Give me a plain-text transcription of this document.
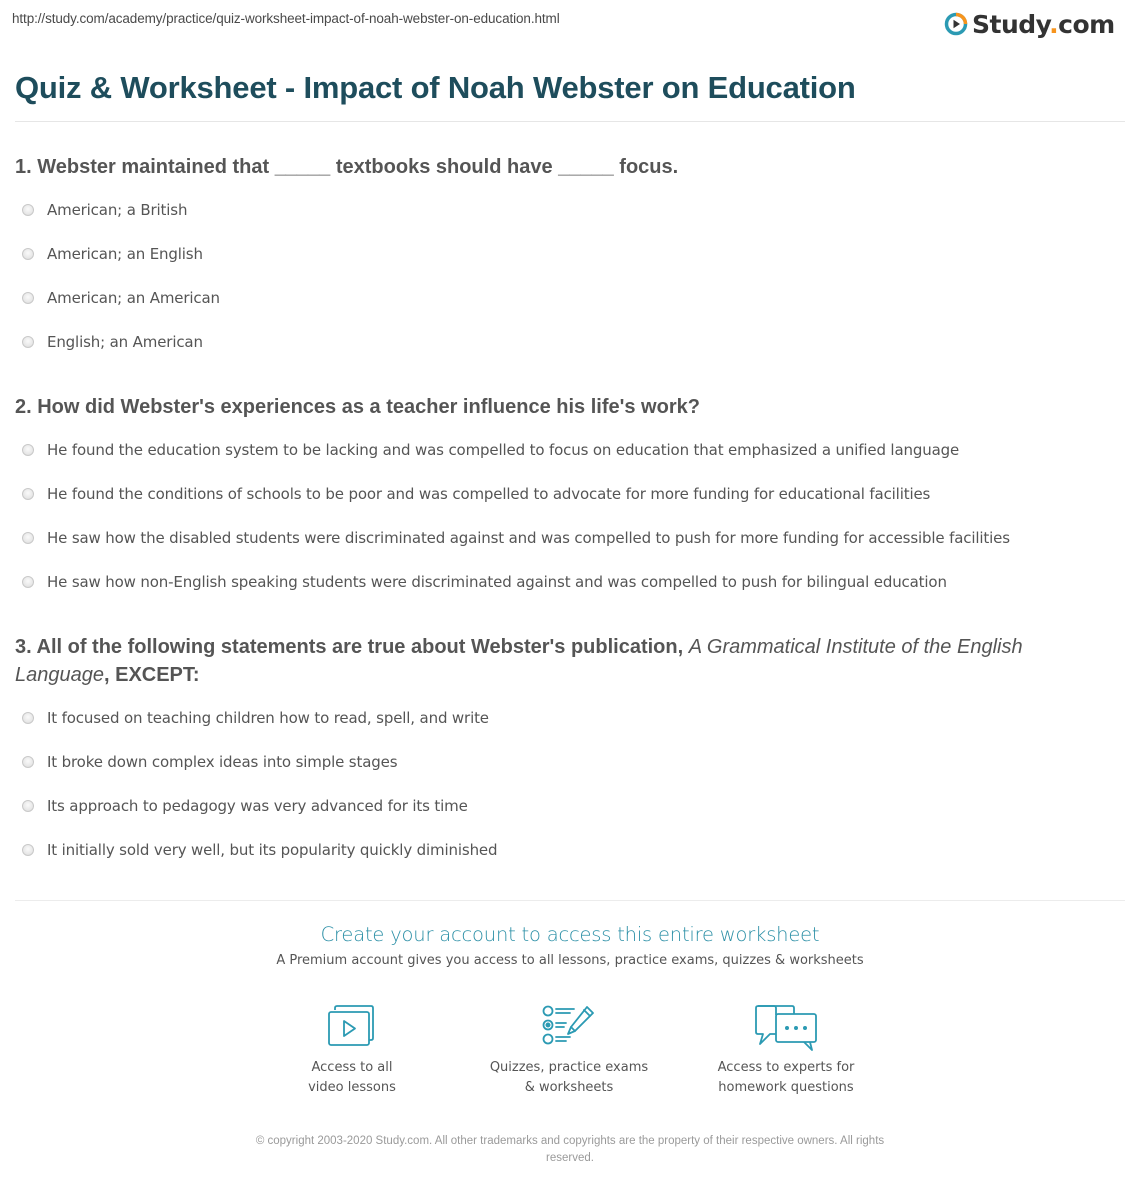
http://study.com/academy/practice/quiz-worksheet-impact-of-noah-webster-on-education.html	Study.com
Quiz & Worksheet - Impact of Noah Webster on Education
1. Webster maintained that _____ textbooks should have _____ focus.
American; a British
American; an English
American; an American
English; an American
2. How did Webster's experiences as a teacher influence his life's work?
He found the education system to be lacking and was compelled to focus on education that emphasized a unified language
He found the conditions of schools to be poor and was compelled to advocate for more funding for educational facilities
He saw how the disabled students were discriminated against and was compelled to push for more funding for accessible facilities
He saw how non-English speaking students were discriminated against and was compelled to push for bilingual education
3. All of the following statements are true about Webster's publication, A Grammatical Institute of the English Language, EXCEPT:
It focused on teaching children how to read, spell, and write
It broke down complex ideas into simple stages
Its approach to pedagogy was very advanced for its time
It initially sold very well, but its popularity quickly diminished
Create your account to access this entire worksheet
A Premium account gives you access to all lessons, practice exams, quizzes & worksheets
Access to all
video lessons
Quizzes, practice exams
& worksheets
Access to experts for
homework questions
© copyright 2003-2020 Study.com. All other trademarks and copyrights are the property of their respective owners. All rights
reserved.
